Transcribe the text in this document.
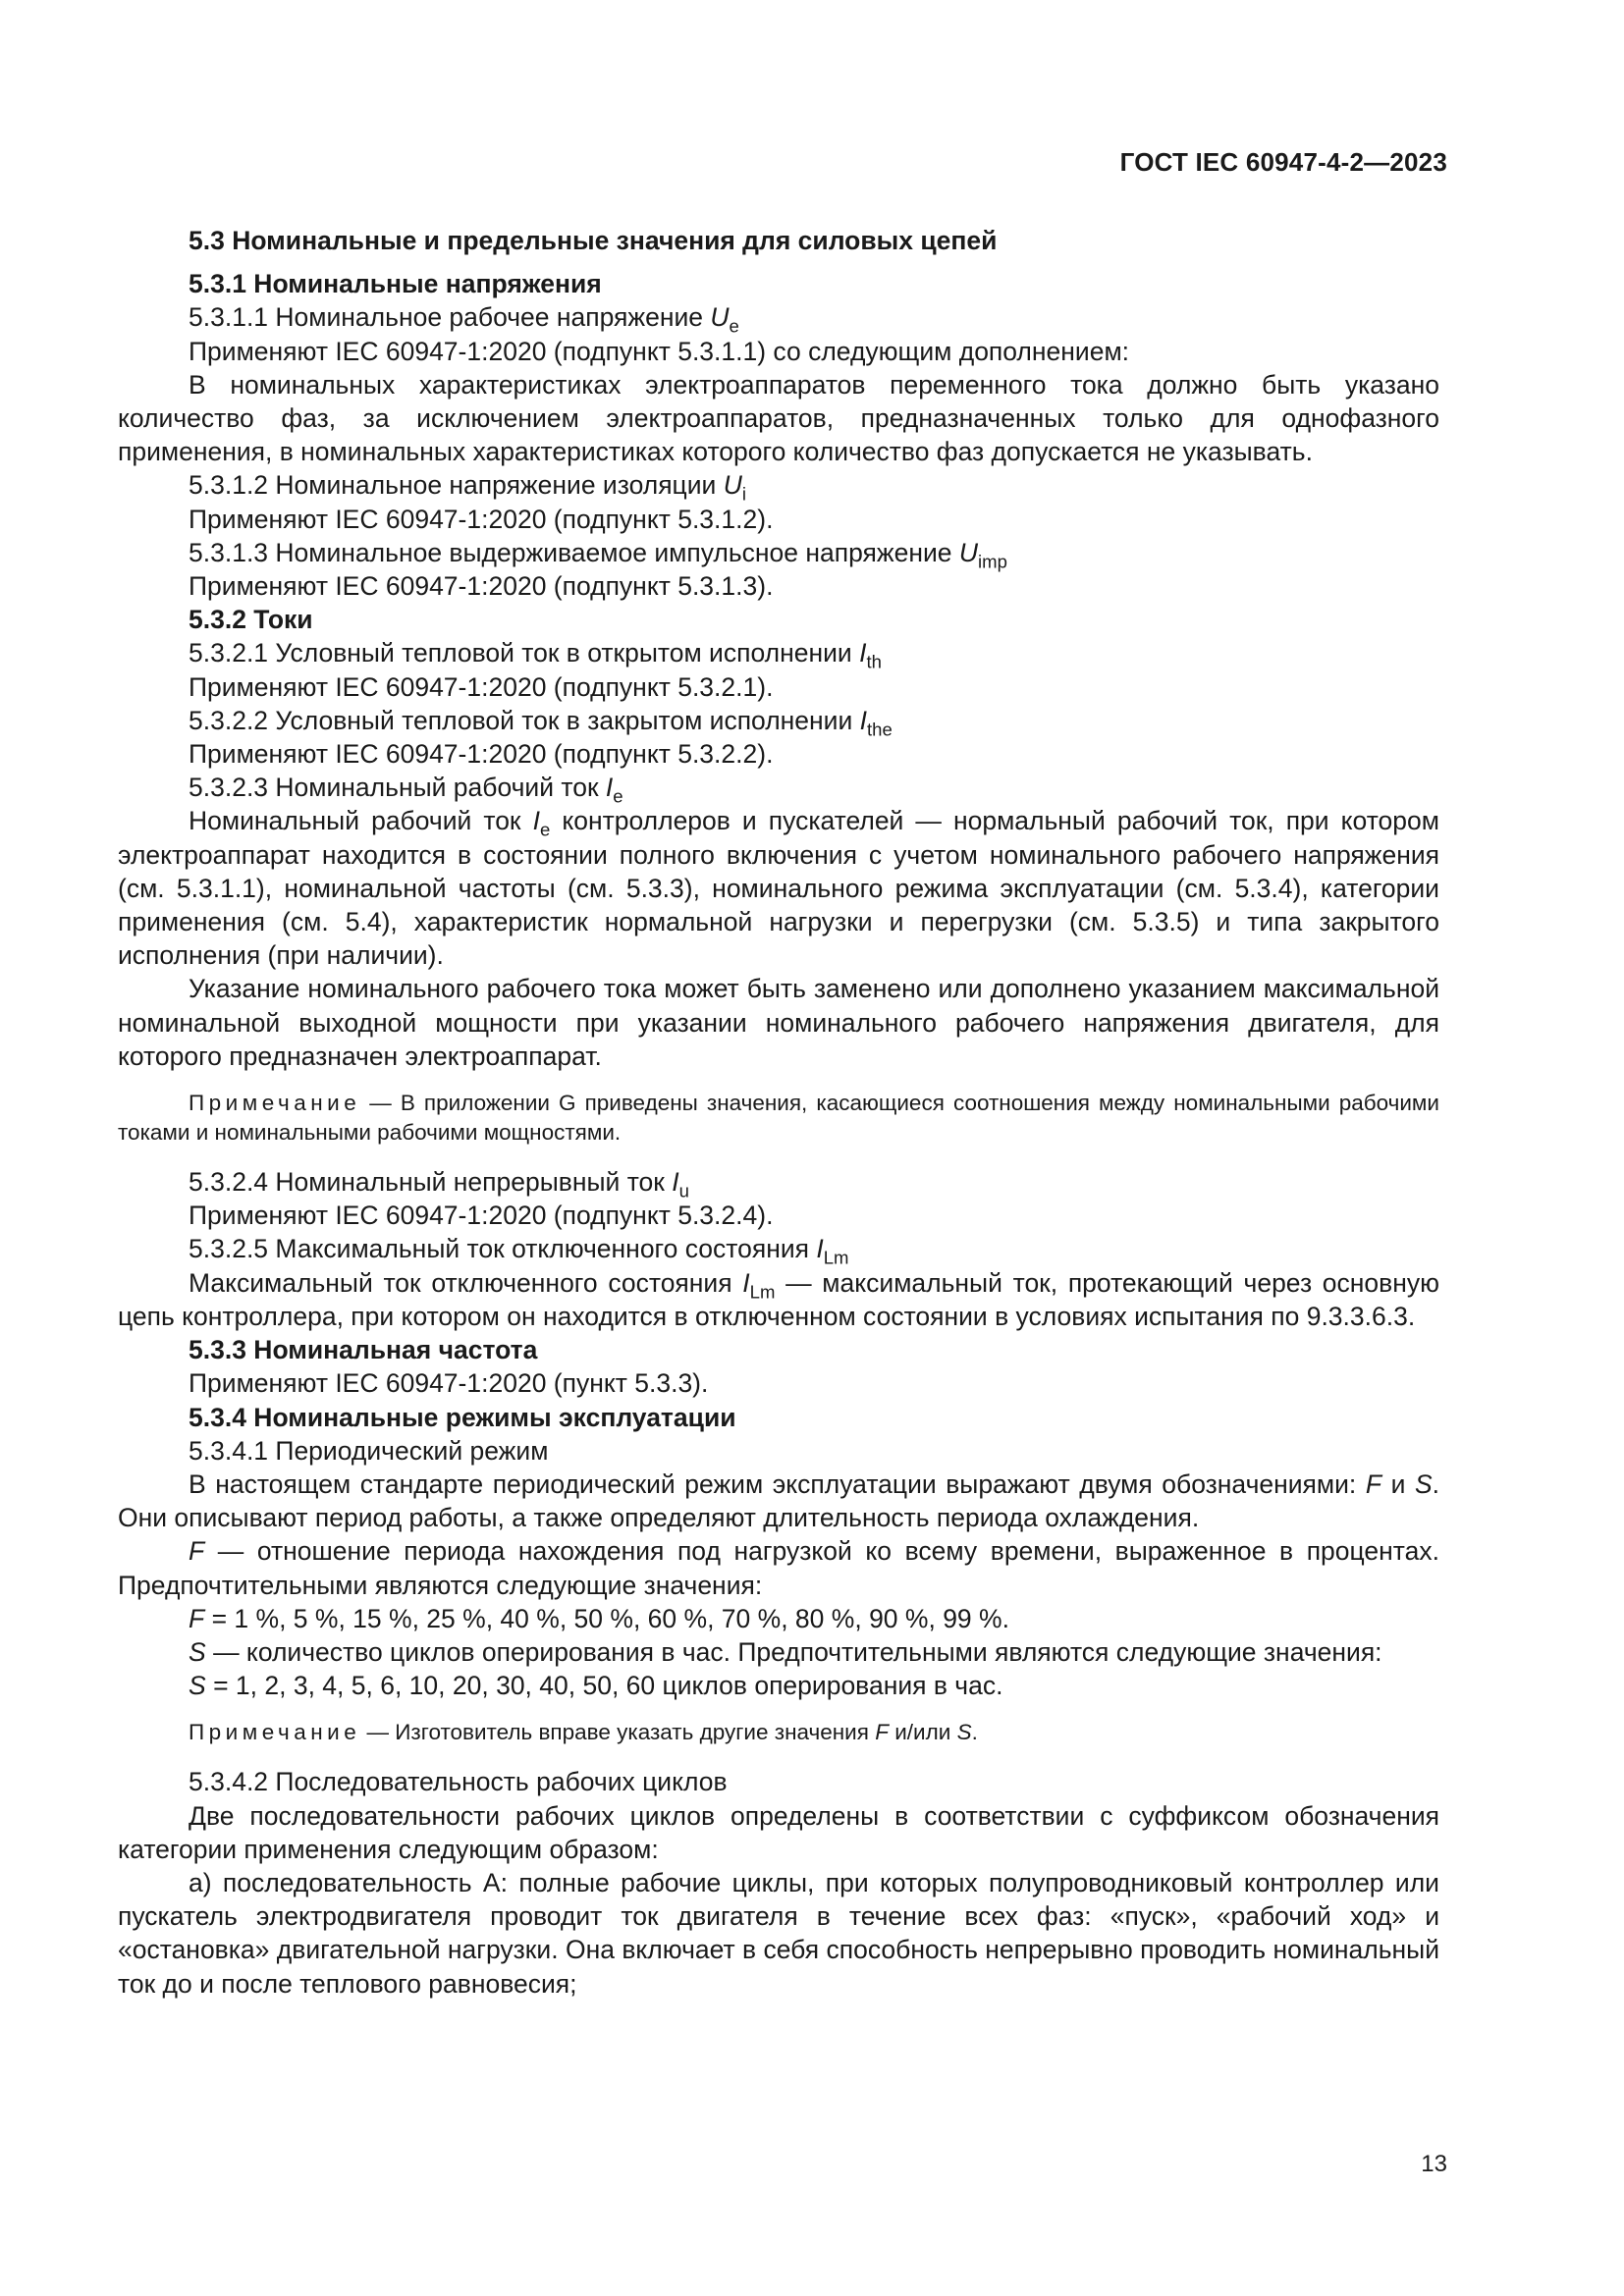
ГОСТ IEC 60947-4-2—2023

5.3 Номинальные и предельные значения для силовых цепей

5.3.1 Номинальные напряжения

5.3.1.1 Номинальное рабочее напряжение $U_e$

Применяют IEC 60947-1:2020 (подпункт 5.3.1.1) со следующим дополнением:

В номинальных характеристиках электроаппаратов переменного тока должно быть указано количество фаз, за исключением электроаппаратов, предназначенных только для однофазного применения, в номинальных характеристиках которого количество фаз допускается не указывать.

5.3.1.2 Номинальное напряжение изоляции $U_i$

Применяют IEC 60947-1:2020 (подпункт 5.3.1.2).

5.3.1.3 Номинальное выдерживаемое импульсное напряжение $U_{imp}$

Применяют IEC 60947-1:2020 (подпункт 5.3.1.3).

5.3.2 Токи

5.3.2.1 Условный тепловой ток в открытом исполнении $I_{th}$

Применяют IEC 60947-1:2020 (подпункт 5.3.2.1).

5.3.2.2 Условный тепловой ток в закрытом исполнении $I_{the}$

Применяют IEC 60947-1:2020 (подпункт 5.3.2.2).

5.3.2.3 Номинальный рабочий ток $I_e$

Номинальный рабочий ток $I_e$ контроллеров и пускателей — нормальный рабочий ток, при котором электроаппарат находится в состоянии полного включения с учетом номинального рабочего напряжения (см. 5.3.1.1), номинальной частоты (см. 5.3.3), номинального режима эксплуатации (см. 5.3.4), категории применения (см. 5.4), характеристик нормальной нагрузки и перегрузки (см. 5.3.5) и типа закрытого исполнения (при наличии).

Указание номинального рабочего тока может быть заменено или дополнено указанием максимальной номинальной выходной мощности при указании номинального рабочего напряжения двигателя, для которого предназначен электроаппарат.

Примечание — В приложении G приведены значения, касающиеся соотношения между номинальными рабочими токами и номинальными рабочими мощностями.

5.3.2.4 Номинальный непрерывный ток $I_u$

Применяют IEC 60947-1:2020 (подпункт 5.3.2.4).

5.3.2.5 Максимальный ток отключенного состояния $I_{Lm}$

Максимальный ток отключенного состояния $I_{Lm}$ — максимальный ток, протекающий через основную цепь контроллера, при котором он находится в отключенном состоянии в условиях испытания по 9.3.3.6.3.

5.3.3 Номинальная частота

Применяют IEC 60947-1:2020 (пункт 5.3.3).

5.3.4 Номинальные режимы эксплуатации

5.3.4.1 Периодический режим

В настоящем стандарте периодический режим эксплуатации выражают двумя обозначениями: F и S. Они описывают период работы, а также определяют длительность периода охлаждения.

F — отношение периода нахождения под нагрузкой ко всему времени, выраженное в процентах. Предпочтительными являются следующие значения:

F = 1 %, 5 %, 15 %, 25 %, 40 %, 50 %, 60 %, 70 %, 80 %, 90 %, 99 %.

S — количество циклов оперирования в час. Предпочтительными являются следующие значения:

S = 1, 2, 3, 4, 5, 6, 10, 20, 30, 40, 50, 60 циклов оперирования в час.

Примечание — Изготовитель вправе указать другие значения F и/или S.

5.3.4.2 Последовательность рабочих циклов

Две последовательности рабочих циклов определены в соответствии с суффиксом обозначения категории применения следующим образом:

a) последовательность A: полные рабочие циклы, при которых полупроводниковый контроллер или пускатель электродвигателя проводит ток двигателя в течение всех фаз: «пуск», «рабочий ход» и «остановка» двигательной нагрузки. Она включает в себя способность непрерывно проводить номинальный ток до и после теплового равновесия;

13
